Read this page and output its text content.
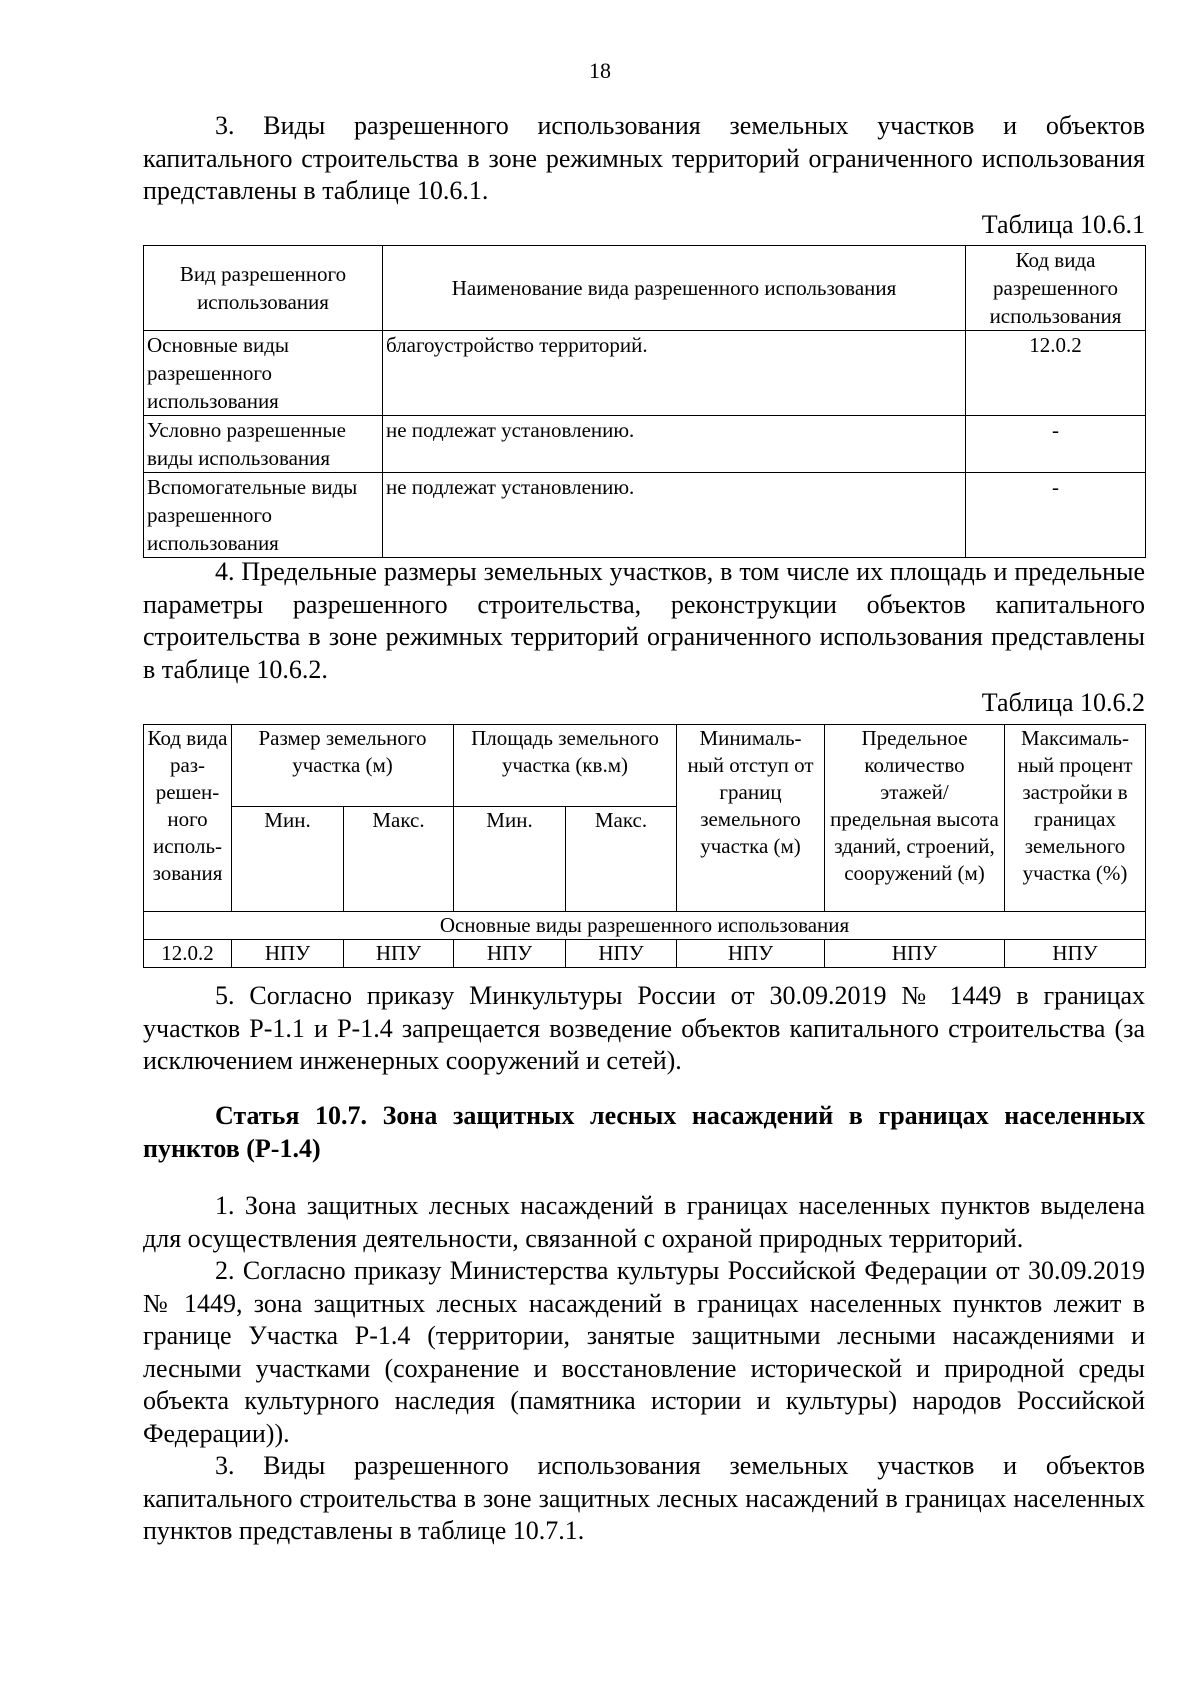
18

3. Виды разрешенного использования земельных участков и объектов капитального строительства в зоне режимных территорий ограниченного использования представлены в таблице 10.6.1.

Таблица 10.6.1

Вид разрешенного использования	Наименование вида разрешенного использования	Код вида разрешенного использования
Основные виды разрешенного использования	благоустройство территорий.	12.0.2
Условно разрешенные виды использования	не подлежат установлению.	-
Вспомогательные виды разрешенного использования	не подлежат установлению.	-

4. Предельные размеры земельных участков, в том числе их площадь и предельные параметры разрешенного строительства, реконструкции объектов капитального строительства в зоне режимных территорий ограниченного использования представлены в таблице 10.6.2.

Таблица 10.6.2

Код вида раз- решен- ного исполь- зования	Размер земельного участка (м)		Площадь земельного участка (кв.м)		Минималь- ный отступ от границ земельного участка (м)	Предельное количество этажей/ предельная высота зданий, строений, сооружений (м)	Максималь- ный процент застройки в границах земельного участка (%)
	Мин.	Макс.	Мин.	Макс.			
Основные виды разрешенного использования							
12.0.2	НПУ	НПУ	НПУ	НПУ	НПУ	НПУ	НПУ

5. Согласно приказу Минкультуры России от 30.09.2019 № 1449 в границах участков Р-1.1 и Р-1.4 запрещается возведение объектов капитального строительства (за исключением инженерных сооружений и сетей).

Статья 10.7. Зона защитных лесных насаждений в границах населенных пунктов (Р-1.4)

1. Зона защитных лесных насаждений в границах населенных пунктов выделена для осуществления деятельности, связанной с охраной природных территорий.

2. Согласно приказу Министерства культуры Российской Федерации от 30.09.2019 № 1449, зона защитных лесных насаждений в границах населенных пунктов лежит в границе Участка Р-1.4 (территории, занятые защитными лесными насаждениями и лесными участками (сохранение и восстановление исторической и природной среды объекта культурного наследия (памятника истории и культуры) народов Российской Федерации)).

3. Виды разрешенного использования земельных участков и объектов капитального строительства в зоне защитных лесных насаждений в границах населенных пунктов представлены в таблице 10.7.1.
